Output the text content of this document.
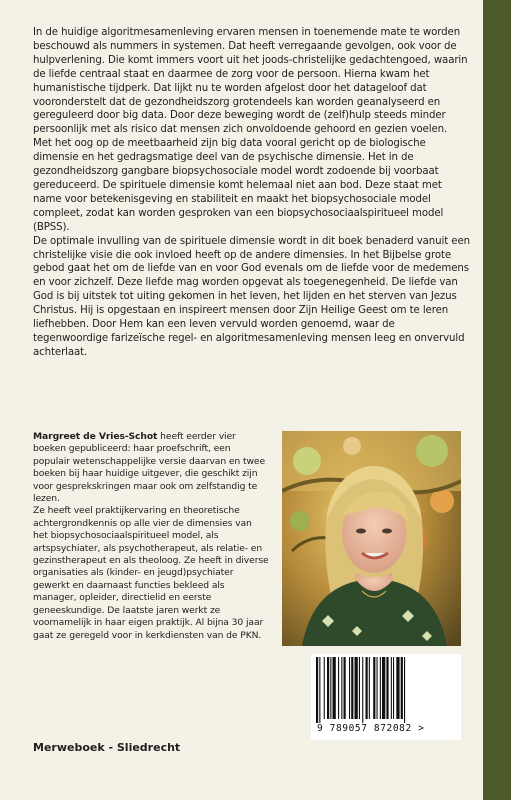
In de huidige algoritmesamenleving ervaren mensen in toenemende mate te worden beschouwd als nummers in systemen. Dat heeft verregaande gevolgen, ook voor de hulpverlening. Die komt immers voort uit het joods-christelijke gedachtengoed, waarin de liefde centraal staat en daarmee de zorg voor de persoon. Hierna kwam het humanistische tijdperk. Dat lijkt nu te worden afgelost door het datageloof dat vooronderstelt dat de gezondheidszorg grotendeels kan worden geanalyseerd en gereguleerd door big data. Door deze beweging wordt de (zelf)hulp steeds minder persoonlijk met als risico dat mensen zich onvoldoende gehoord en gezien voelen.

Met het oog op de meetbaarheid zijn big data vooral gericht op de biologische dimensie en het gedragsmatige deel van de psychische dimensie. Het in de gezondheidszorg gangbare biopsychosociale model wordt zodoende bij voorbaat gereduceerd. De spirituele dimensie komt helemaal niet aan bod. Deze staat met name voor betekenisgeving en stabiliteit en maakt het biopsychosociale model compleet, zodat kan worden gesproken van een biopsychosociaalspiritueel model (BPSS).

De optimale invulling van de spirituele dimensie wordt in dit boek benaderd vanuit een christelijke visie die ook invloed heeft op de andere dimensies. In het Bijbelse grote gebod gaat het om de liefde van en voor God evenals om de liefde voor de medemens en voor zichzelf. Deze liefde mag worden opgevat als toegenegenheid. De liefde van God is bij uitstek tot uiting gekomen in het leven, het lijden en het sterven van Jezus Christus. Hij is opgestaan en inspireert mensen door Zijn Heilige Geest om te leren liefhebben. Door Hem kan een leven vervuld worden genoemd, waar de tegenwoordige farizeïsche regel- en algoritmesamenleving mensen leeg en onvervuld achterlaat.

Margreet de Vries-Schot heeft eerder vier boeken gepubliceerd: haar proefschrift, een populair wetenschappelijke versie daarvan en twee boeken bij haar huidige uitgever, die geschikt zijn voor gesprekskringen maar ook om zelfstandig te lezen.

Ze heeft veel praktijkervaring en theoretische achtergrondkennis op alle vier de dimensies van het biopsychosociaalspiritueel model, als artspsychiater, als psychotherapeut, als relatie- en gezinstherapeut en als theoloog. Ze heeft in diverse organisaties als (kinder- en jeugd)psychiater gewerkt en daarnaast functies bekleed als manager, opleider, directielid en eerste geneeskundige. De laatste jaren werkt ze voornamelijk in haar eigen praktijk. Al bijna 30 jaar gaat ze geregeld voor in kerkdiensten van de PKN.

Merweboek - Sliedrecht
9 789057 872082 >
